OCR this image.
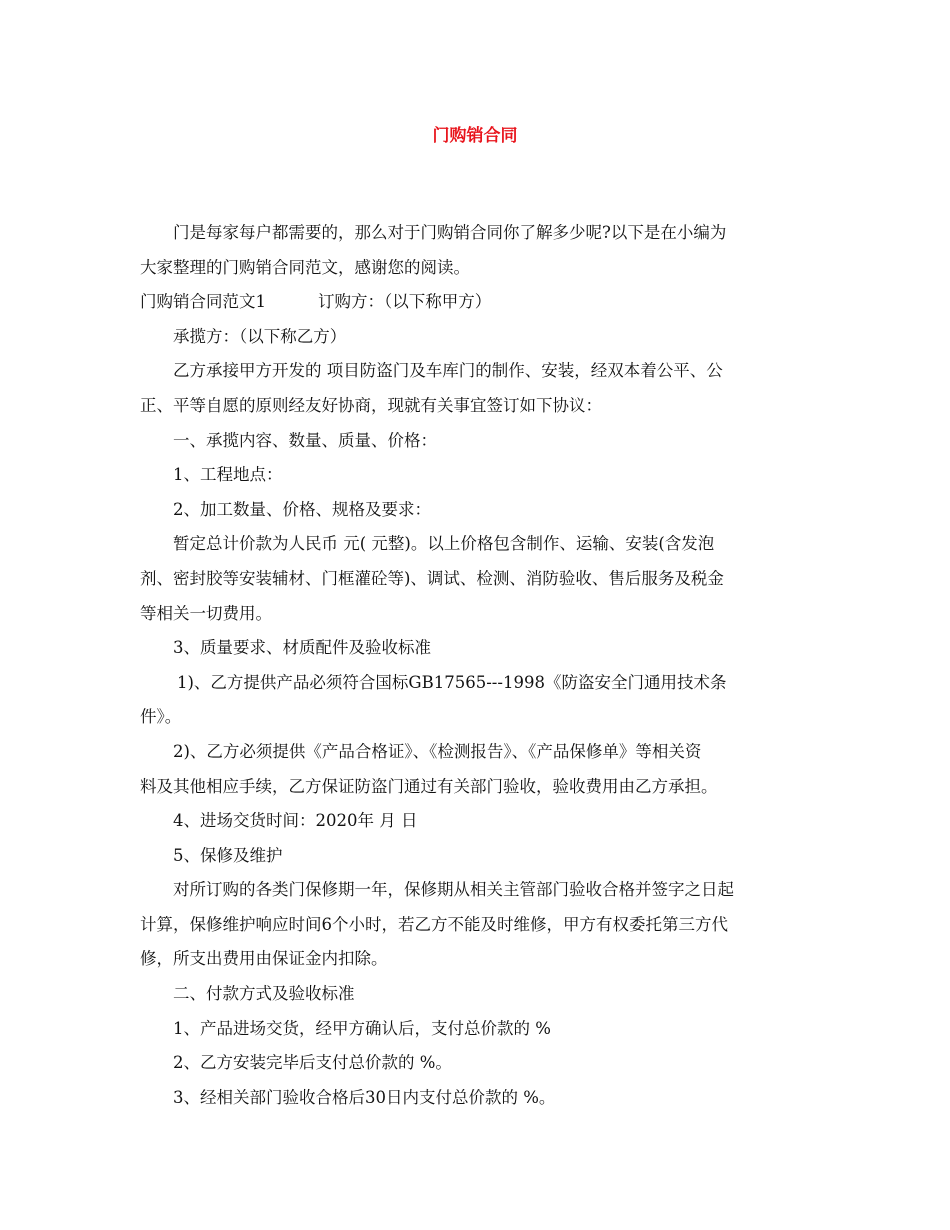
门购销合同

门是每家每户都需要的，那么对于门购销合同你了解多少呢?以下是在小编为

大家整理的门购销合同范文，感谢您的阅读。

门购销合同范文1	订购方：（以下称甲方）

承揽方：（以下称乙方）

乙方承接甲方开发的 项目防盗门及车库门的制作、安装，经双本着公平、公

正、平等自愿的原则经友好协商，现就有关事宜签订如下协议：

一、承揽内容、数量、质量、价格：

1、工程地点：

2、加工数量、价格、规格及要求：

暂定总计价款为人民币 元( 元整)。以上价格包含制作、运输、安装(含发泡

剂、密封胶等安装辅材、门框灌砼等)、调试、检测、消防验收、售后服务及税金

等相关一切费用。

3、质量要求、材质配件及验收标准

1)、乙方提供产品必须符合国标GB17565---1998《防盗安全门通用技术条

件》。

2)、乙方必须提供《产品合格证》、《检测报告》、《产品保修单》等相关资

料及其他相应手续，乙方保证防盗门通过有关部门验收，验收费用由乙方承担。

4、进场交货时间：2020年 月 日

5、保修及维护

对所订购的各类门保修期一年，保修期从相关主管部门验收合格并签字之日起

计算，保修维护响应时间6个小时，若乙方不能及时维修，甲方有权委托第三方代

修，所支出费用由保证金内扣除。

二、付款方式及验收标准

1、产品进场交货，经甲方确认后，支付总价款的 %

2、乙方安装完毕后支付总价款的 %。

3、经相关部门验收合格后30日内支付总价款的 %。
